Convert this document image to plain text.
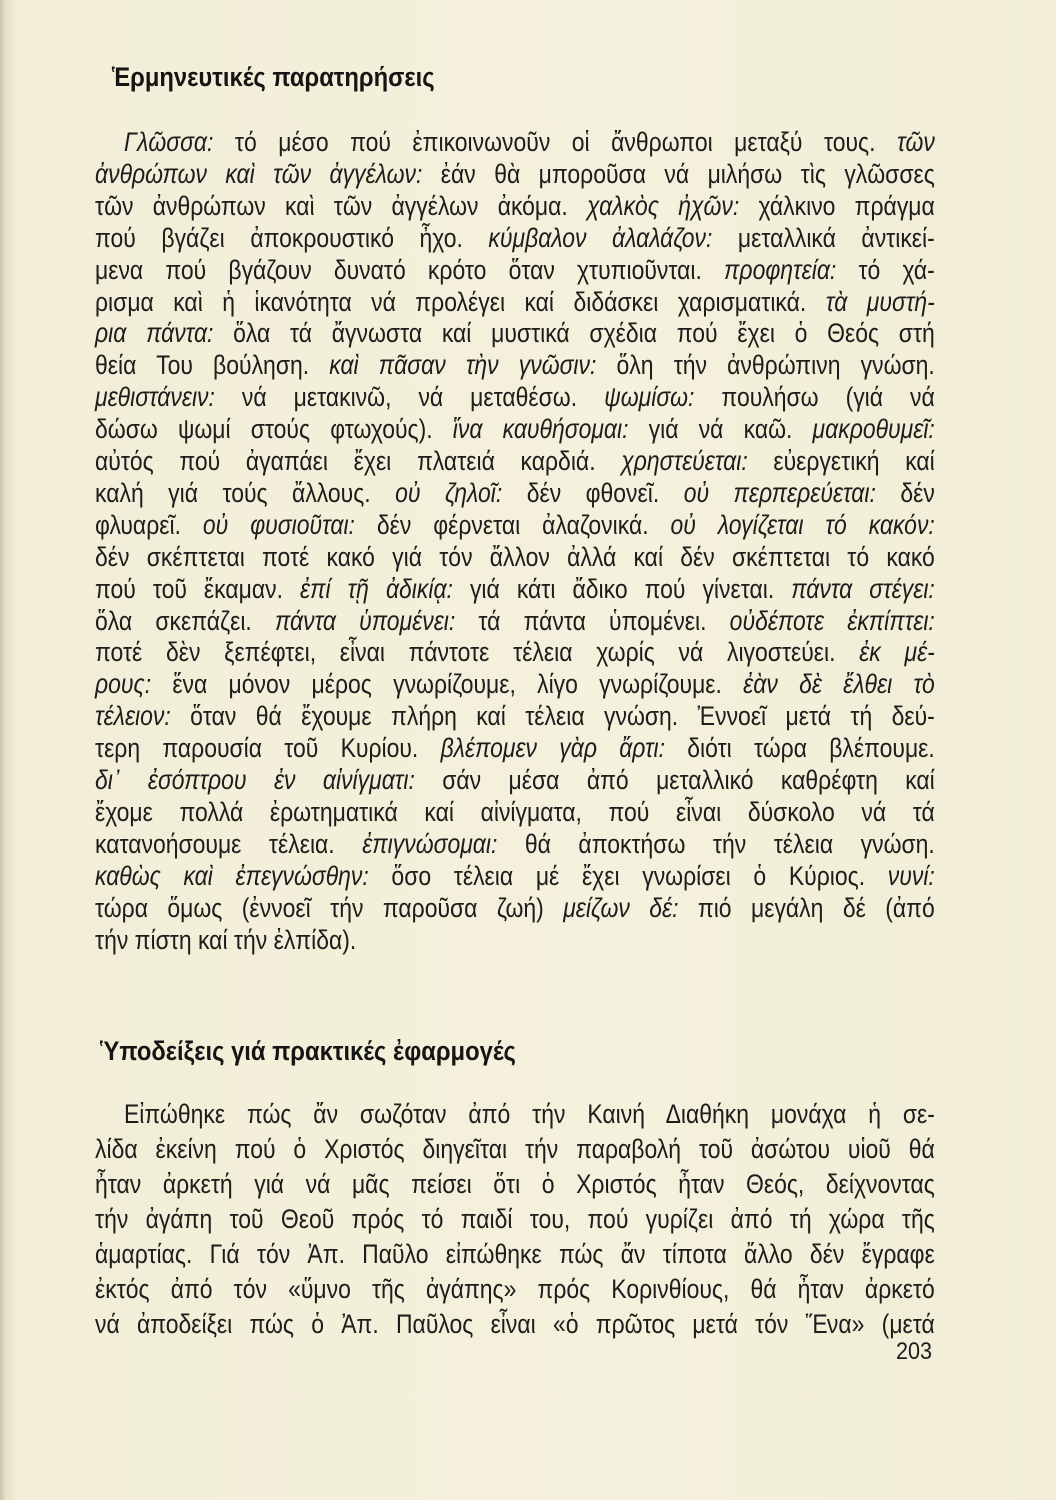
Ἑρμηνευτικές παρατηρήσεις
Γλῶσσα: τό μέσο πού ἐπικοινωνοῦν οἱ ἄνθρωποι μεταξύ τους. τῶν
ἀνθρώπων καὶ τῶν ἀγγέλων: ἐάν θὰ μποροῦσα νά μιλήσω τὶς γλῶσσες
τῶν ἀνθρώπων καὶ τῶν ἀγγέλων ἀκόμα. χαλκὸς ἠχῶν: χάλκινο πράγμα
πού βγάζει ἀποκρουστικό ἦχο. κύμβαλον ἀλαλάζον: μεταλλικά ἀντικεί-
μενα πού βγάζουν δυνατό κρότο ὅταν χτυπιοῦνται. προφητεία: τό χά-
ρισμα καὶ ἡ ἱκανότητα νά προλέγει καί διδάσκει χαρισματικά. τὰ μυστή-
ρια πάντα: ὅλα τά ἄγνωστα καί μυστικά σχέδια πού ἔχει ὁ Θεός στή
θεία Του βούληση. καὶ πᾶσαν τὴν γνῶσιν: ὅλη τήν ἀνθρώπινη γνώση.
μεθιστάνειν: νά μετακινῶ, νά μεταθέσω. ψωμίσω: πουλήσω (γιά νά
δώσω ψωμί στούς φτωχούς). ἵνα καυθήσομαι: γιά νά καῶ. μακροθυμεῖ:
αὐτός πού ἀγαπάει ἔχει πλατειά καρδιά. χρηστεύεται: εὐεργετική καί
καλή γιά τούς ἄλλους. οὐ ζηλοῖ: δέν φθονεῖ. οὐ περπερεύεται: δέν
φλυαρεῖ. οὐ φυσιοῦται: δέν φέρνεται ἀλαζονικά. οὐ λογίζεται τό κακόν:
δέν σκέπτεται ποτέ κακό γιά τόν ἄλλον ἀλλά καί δέν σκέπτεται τό κακό
πού τοῦ ἔκαμαν. ἐπί τῇ ἀδικίᾳ: γιά κάτι ἄδικο πού γίνεται. πάντα στέγει:
ὅλα σκεπάζει. πάντα ὑπομένει: τά πάντα ὑπομένει. οὐδέποτε ἐκπίπτει:
ποτέ δὲν ξεπέφτει, εἶναι πάντοτε τέλεια χωρίς νά λιγοστεύει. ἐκ μέ-
ρους: ἕνα μόνον μέρος γνωρίζουμε, λίγο γνωρίζουμε. ἐὰν δὲ ἔλθει τὸ
τέλειον: ὅταν θά ἔχουμε πλήρη καί τέλεια γνώση. Ἐννοεῖ μετά τή δεύ-
τερη παρουσία τοῦ Κυρίου. βλέπομεν γὰρ ἄρτι: διότι τώρα βλέπουμε.
δι᾽ ἐσόπτρου ἐν αἰνίγματι: σάν μέσα ἀπό μεταλλικό καθρέφτη καί
ἔχομε πολλά ἐρωτηματικά καί αἰνίγματα, πού εἶναι δύσκολο νά τά
κατανοήσουμε τέλεια. ἐπιγνώσομαι: θά ἀποκτήσω τήν τέλεια γνώση.
καθὼς καὶ ἐπεγνώσθην: ὅσο τέλεια μέ ἔχει γνωρίσει ὁ Κύριος. νυνί:
τώρα ὅμως (ἐννοεῖ τήν παροῦσα ζωή) μείζων δέ: πιό μεγάλη δέ (ἀπό
τήν πίστη καί τήν ἐλπίδα).
Ὑποδείξεις γιά πρακτικές ἐφαρμογές
Εἰπώθηκε πώς ἄν σωζόταν ἀπό τήν Καινή Διαθήκη μονάχα ἡ σε-
λίδα ἐκείνη πού ὁ Χριστός διηγεῖται τήν παραβολή τοῦ ἀσώτου υἱοῦ θά
ἦταν ἀρκετή γιά νά μᾶς πείσει ὅτι ὁ Χριστός ἦταν Θεός, δείχνοντας
τήν ἀγάπη τοῦ Θεοῦ πρός τό παιδί του, πού γυρίζει ἀπό τή χώρα τῆς
ἁμαρτίας. Γιά τόν Ἀπ. Παῦλο εἰπώθηκε πώς ἄν τίποτα ἄλλο δέν ἔγραφε
ἐκτός ἀπό τόν «ὕμνο τῆς ἀγάπης» πρός Κορινθίους, θά ἦταν ἀρκετό
νά ἀποδείξει πώς ὁ Ἀπ. Παῦλος εἶναι «ὁ πρῶτος μετά τόν Ἕνα» (μετά
203
